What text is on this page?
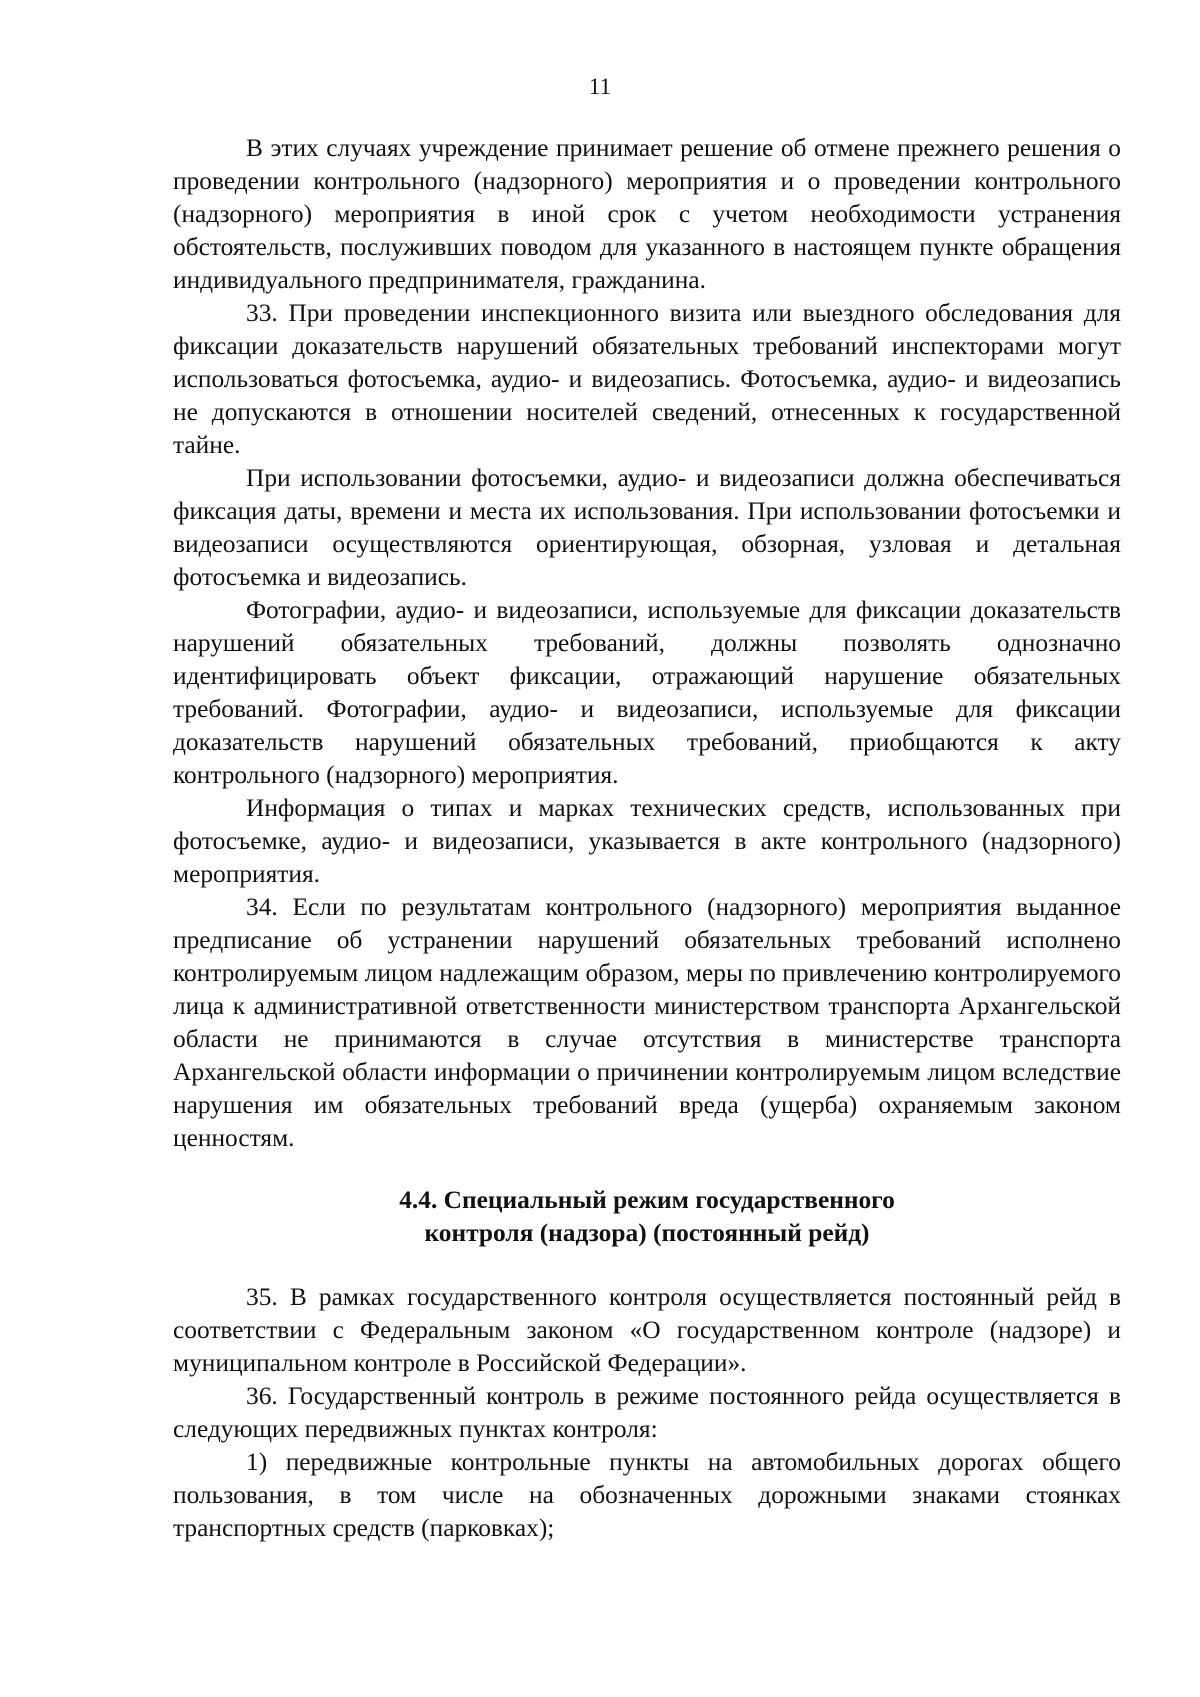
11

В этих случаях учреждение принимает решение об отмене прежнего решения о проведении контрольного (надзорного) мероприятия и о проведении контрольного (надзорного) мероприятия в иной срок с учетом необходимости устранения обстоятельств, послуживших поводом для указанного в настоящем пункте обращения индивидуального предпринимателя, гражданина.

33. При проведении инспекционного визита или выездного обследования для фиксации доказательств нарушений обязательных требований инспекторами могут использоваться фотосъемка, аудио- и видеозапись. Фотосъемка, аудио- и видеозапись не допускаются в отношении носителей сведений, отнесенных к государственной тайне.

При использовании фотосъемки, аудио- и видеозаписи должна обеспечиваться фиксация даты, времени и места их использования. При использовании фотосъемки и видеозаписи осуществляются ориентирующая, обзорная, узловая и детальная фотосъемка и видеозапись.

Фотографии, аудио- и видеозаписи, используемые для фиксации доказательств нарушений обязательных требований, должны позволять однозначно идентифицировать объект фиксации, отражающий нарушение обязательных требований. Фотографии, аудио- и видеозаписи, используемые для фиксации доказательств нарушений обязательных требований, приобщаются к акту контрольного (надзорного) мероприятия.

Информация о типах и марках технических средств, использованных при фотосъемке, аудио- и видеозаписи, указывается в акте контрольного (надзорного) мероприятия.

34. Если по результатам контрольного (надзорного) мероприятия выданное предписание об устранении нарушений обязательных требований исполнено контролируемым лицом надлежащим образом, меры по привлечению контролируемого лица к административной ответственности министерством транспорта Архангельской области не принимаются в случае отсутствия в министерстве транспорта Архангельской области информации о причинении контролируемым лицом вследствие нарушения им обязательных требований вреда (ущерба) охраняемым законом ценностям.

4.4. Специальный режим государственного
контроля (надзора) (постоянный рейд)

35. В рамках государственного контроля осуществляется постоянный рейд в соответствии с Федеральным законом «О государственном контроле (надзоре) и муниципальном контроле в Российской Федерации».

36. Государственный контроль в режиме постоянного рейда осуществляется в следующих передвижных пунктах контроля:

1) передвижные контрольные пункты на автомобильных дорогах общего пользования, в том числе на обозначенных дорожными знаками стоянках транспортных средств (парковках);
